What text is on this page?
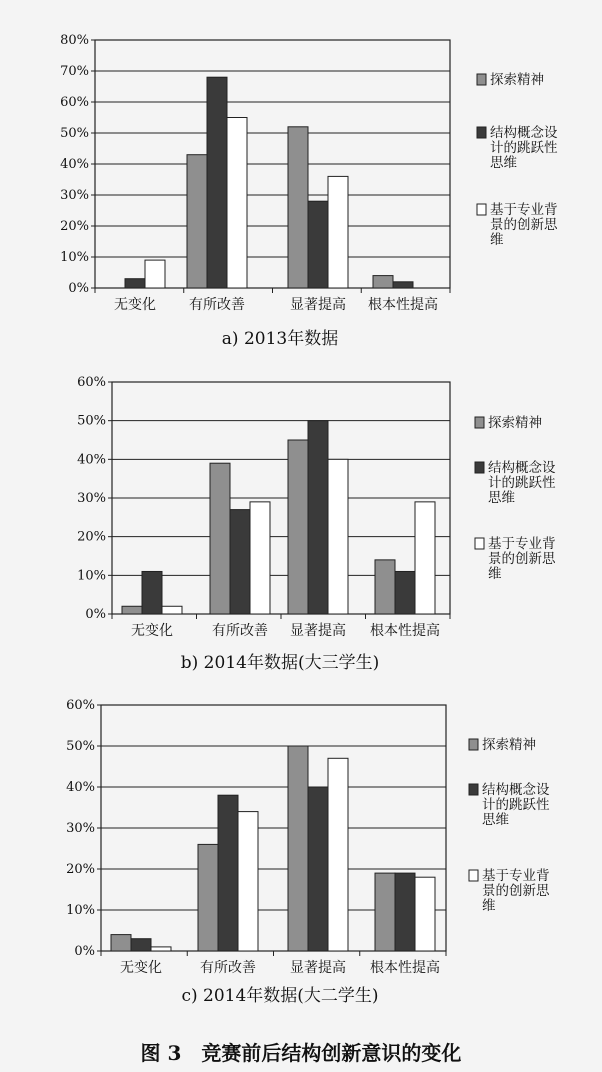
图 3　竞赛前后结构创新意识的变化
0%
10%
20%
30%
40%
50%
60%
70%
80%
无变化 有所改善	显著提高 根本性提高
探索精神
结构概念设
计的跳跃性
思维
基于专业背
景的创新思
维
a) 2013年数据
0%
10%
20%
30%
40%
50%
60%
无变化	有所改善 显著提高 根本性提高
探索精神
结构概念设
计的跳跃性
思维
基于专业背
景的创新思
维
b) 2014年数据(大三学生)
0%
10%
20%
30%
40%
50%
60%
无变化	有所改善 显著提高 根本性提高
探索精神
结构概念设
计的跳跃性
思维
基于专业背
景的创新思
维
c) 2014年数据(大二学生)
